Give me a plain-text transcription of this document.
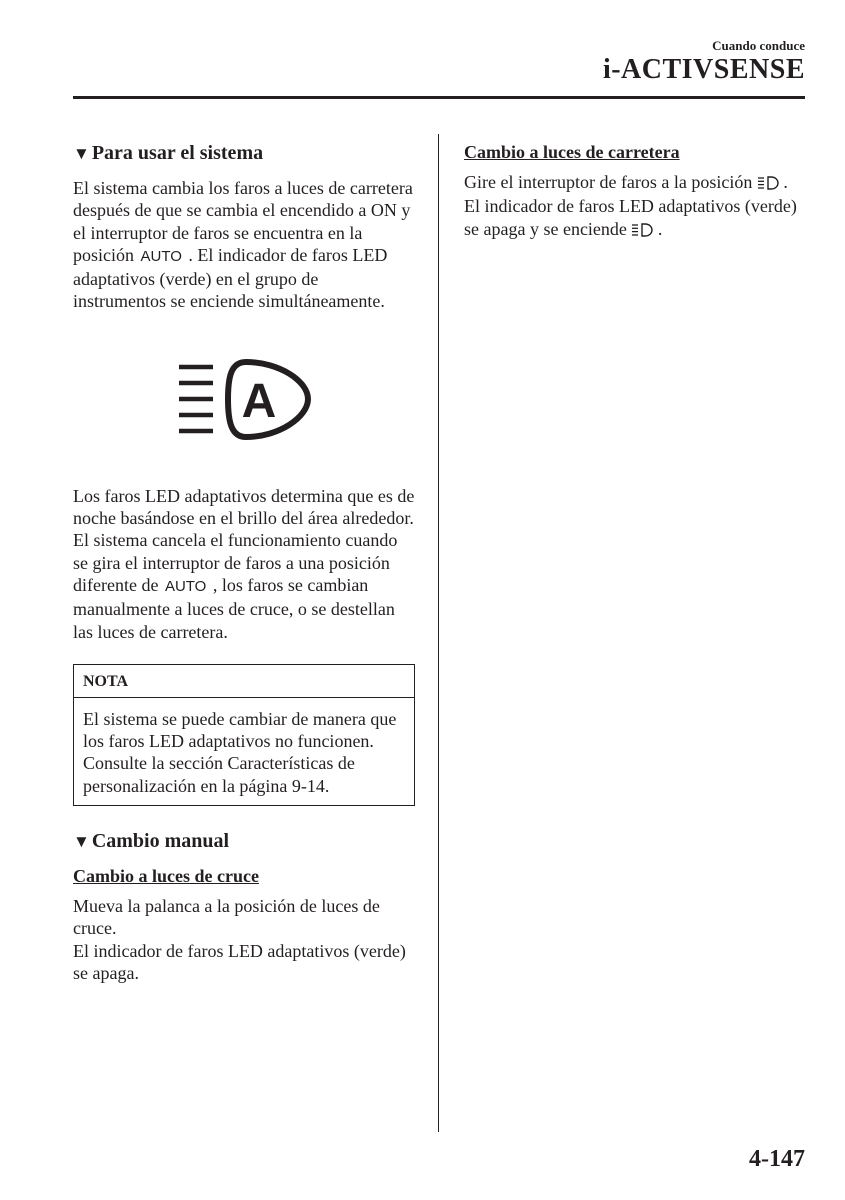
Cuando conduce
i-ACTIVSENSE
▼ Para usar el sistema

El sistema cambia los faros a luces de carretera después de que se cambia el encendido a ON y el interruptor de faros se encuentra en la posición AUTO . El indicador de faros LED adaptativos (verde) en el grupo de instrumentos se enciende simultáneamente.

A

Los faros LED adaptativos determina que es de noche basándose en el brillo del área alrededor.

El sistema cancela el funcionamiento cuando se gira el interruptor de faros a una posición diferente de AUTO , los faros se cambian manualmente a luces de cruce, o se destellan las luces de carretera.

NOTA

El sistema se puede cambiar de manera que los faros LED adaptativos no funcionen.

Consulte la sección Características de personalización en la página 9-14.

▼ Cambio manual

Cambio a luces de cruce

Mueva la palanca a la posición de luces de cruce.

El indicador de faros LED adaptativos (verde) se apaga.

Cambio a luces de carretera

Gire el interruptor de faros a la posición .

El indicador de faros LED adaptativos (verde) se apaga y se enciende .

4-147
